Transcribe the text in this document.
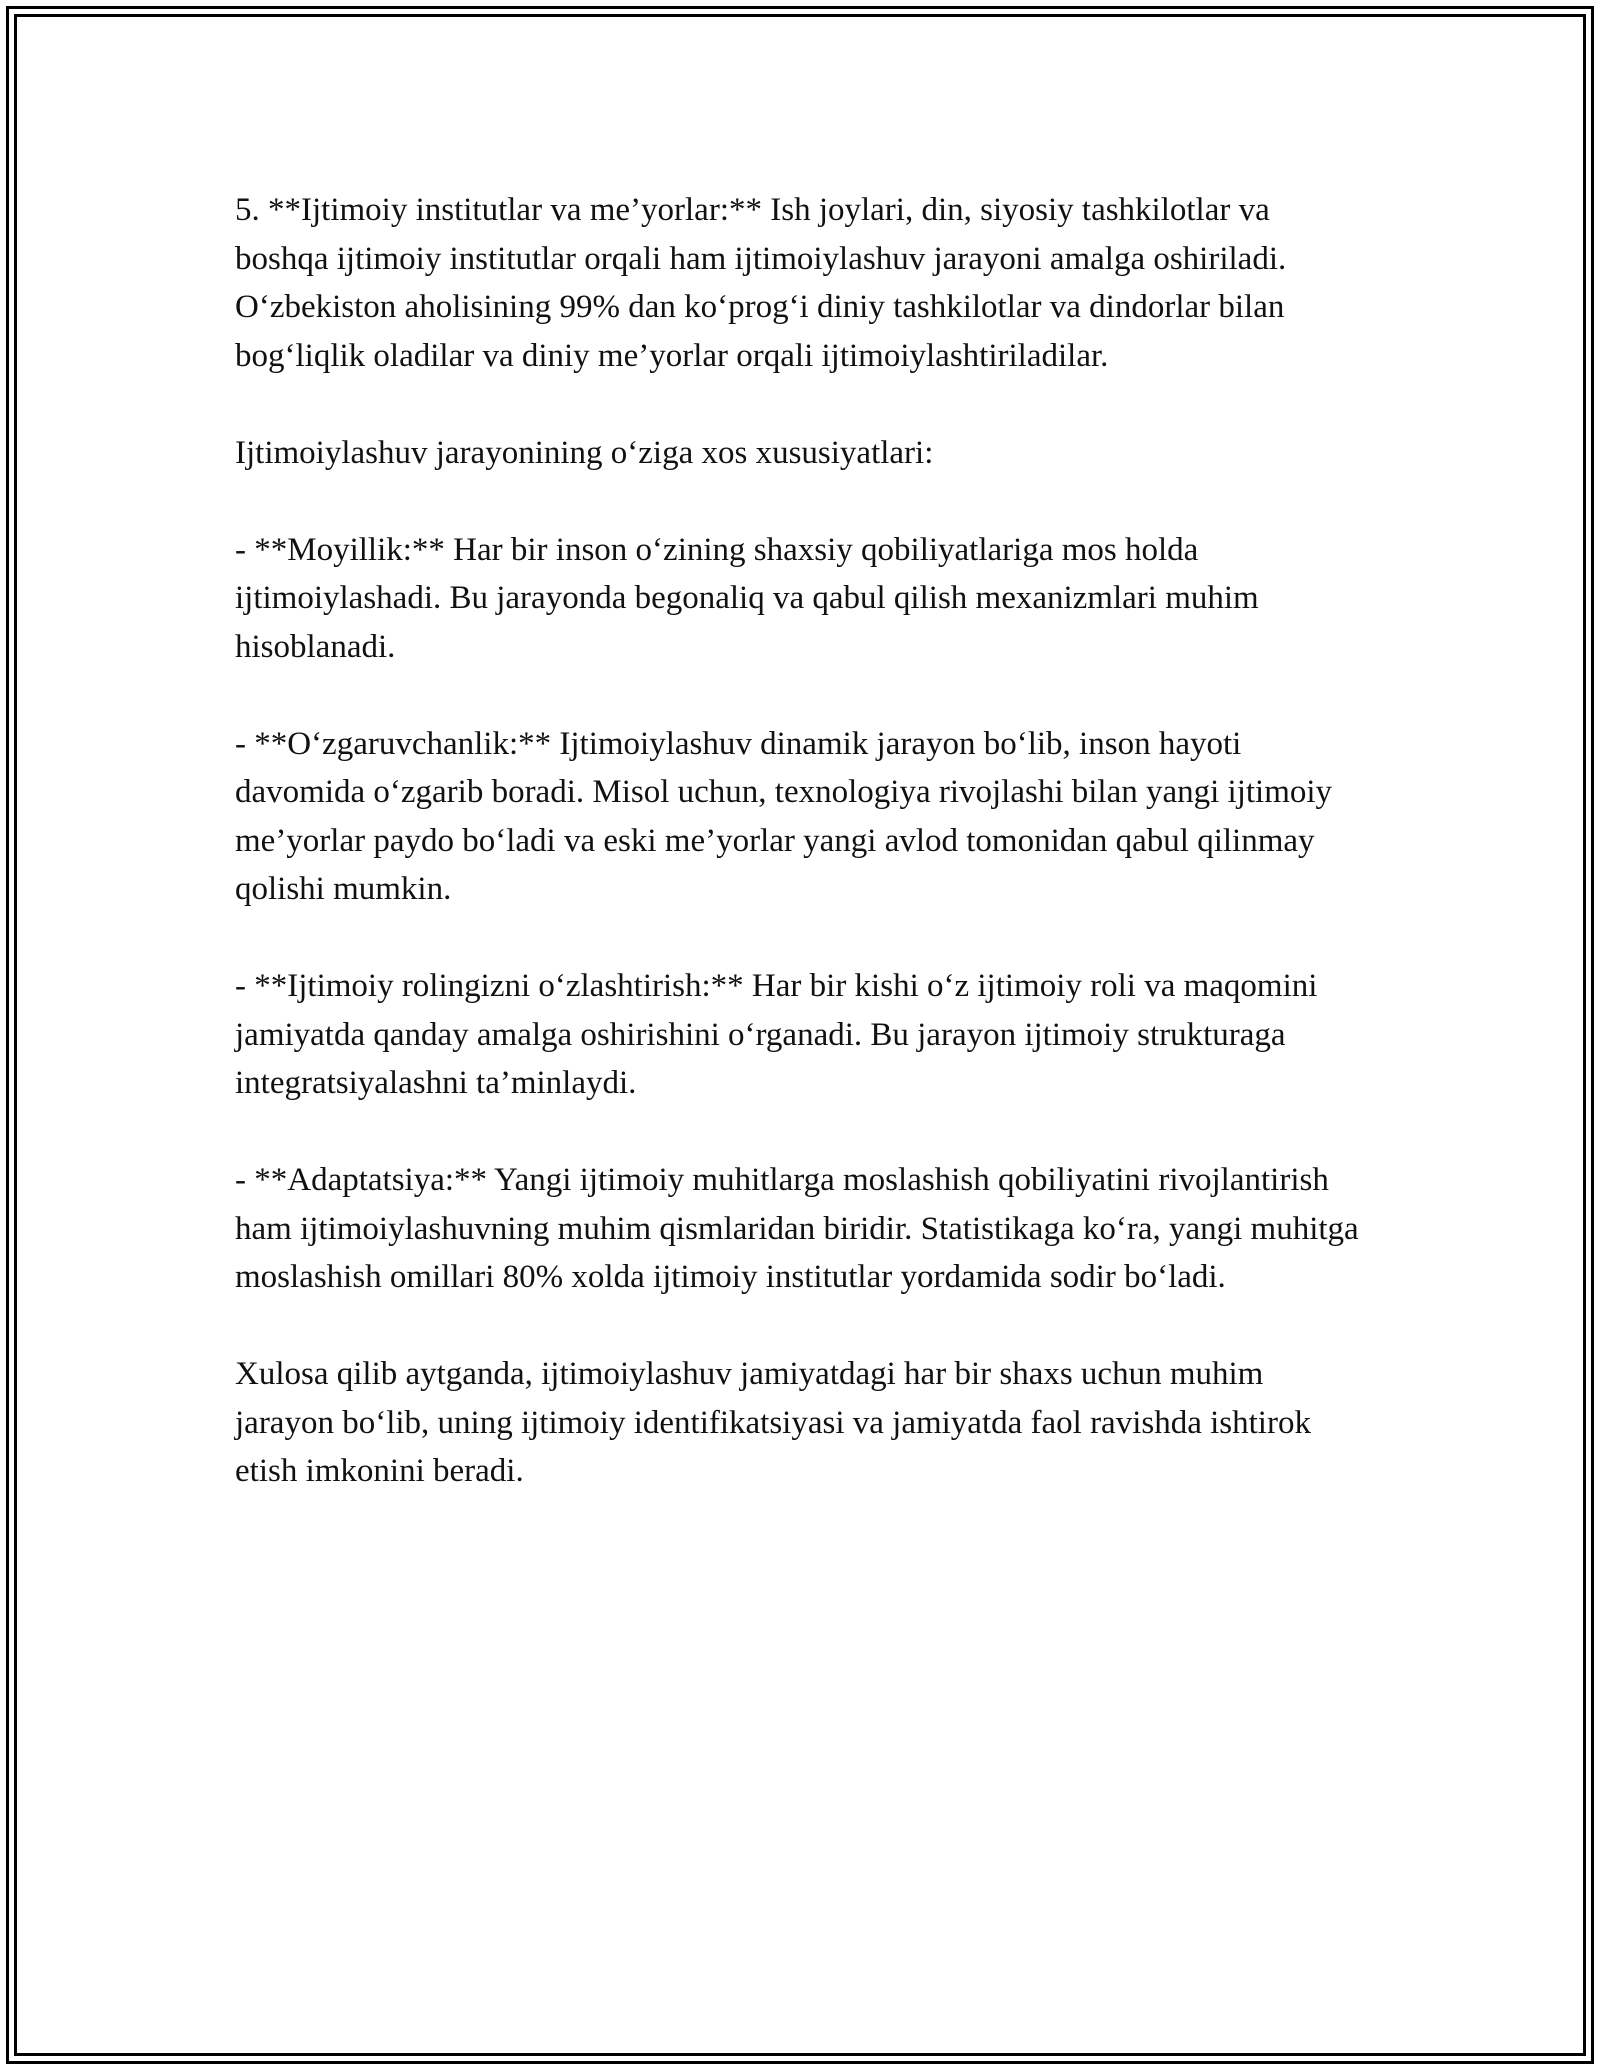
5. **Ijtimoiy institutlar va me’yorlar:** Ish joylari, din, siyosiy tashkilotlar va boshqa ijtimoiy institutlar orqali ham ijtimoiylashuv jarayoni amalga oshiriladi. O‘zbekiston aholisining 99% dan ko‘prog‘i diniy tashkilotlar va dindorlar bilan bog‘liqlik oladilar va diniy me’yorlar orqali ijtimoiylashtiriladilar.

Ijtimoiylashuv jarayonining o‘ziga xos xususiyatlari:

- **Moyillik:** Har bir inson o‘zining shaxsiy qobiliyatlariga mos holda ijtimoiylashadi. Bu jarayonda begonaliq va qabul qilish mexanizmlari muhim hisoblanadi.

- **O‘zgaruvchanlik:** Ijtimoiylashuv dinamik jarayon bo‘lib, inson hayoti davomida o‘zgarib boradi. Misol uchun, texnologiya rivojlashi bilan yangi ijtimoiy me’yorlar paydo bo‘ladi va eski me’yorlar yangi avlod tomonidan qabul qilinmay qolishi mumkin.

- **Ijtimoiy rolingizni o‘zlashtirish:** Har bir kishi o‘z ijtimoiy roli va maqomini jamiyatda qanday amalga oshirishini o‘rganadi. Bu jarayon ijtimoiy strukturaga integratsiyalashni ta’minlaydi.

- **Adaptatsiya:** Yangi ijtimoiy muhitlarga moslashish qobiliyatini rivojlantirish ham ijtimoiylashuvning muhim qismlaridan biridir. Statistikaga ko‘ra, yangi muhitga moslashish omillari 80% xolda ijtimoiy institutlar yordamida sodir bo‘ladi.

Xulosa qilib aytganda, ijtimoiylashuv jamiyatdagi har bir shaxs uchun muhim jarayon bo‘lib, uning ijtimoiy identifikatsiyasi va jamiyatda faol ravishda ishtirok etish imkonini beradi.
